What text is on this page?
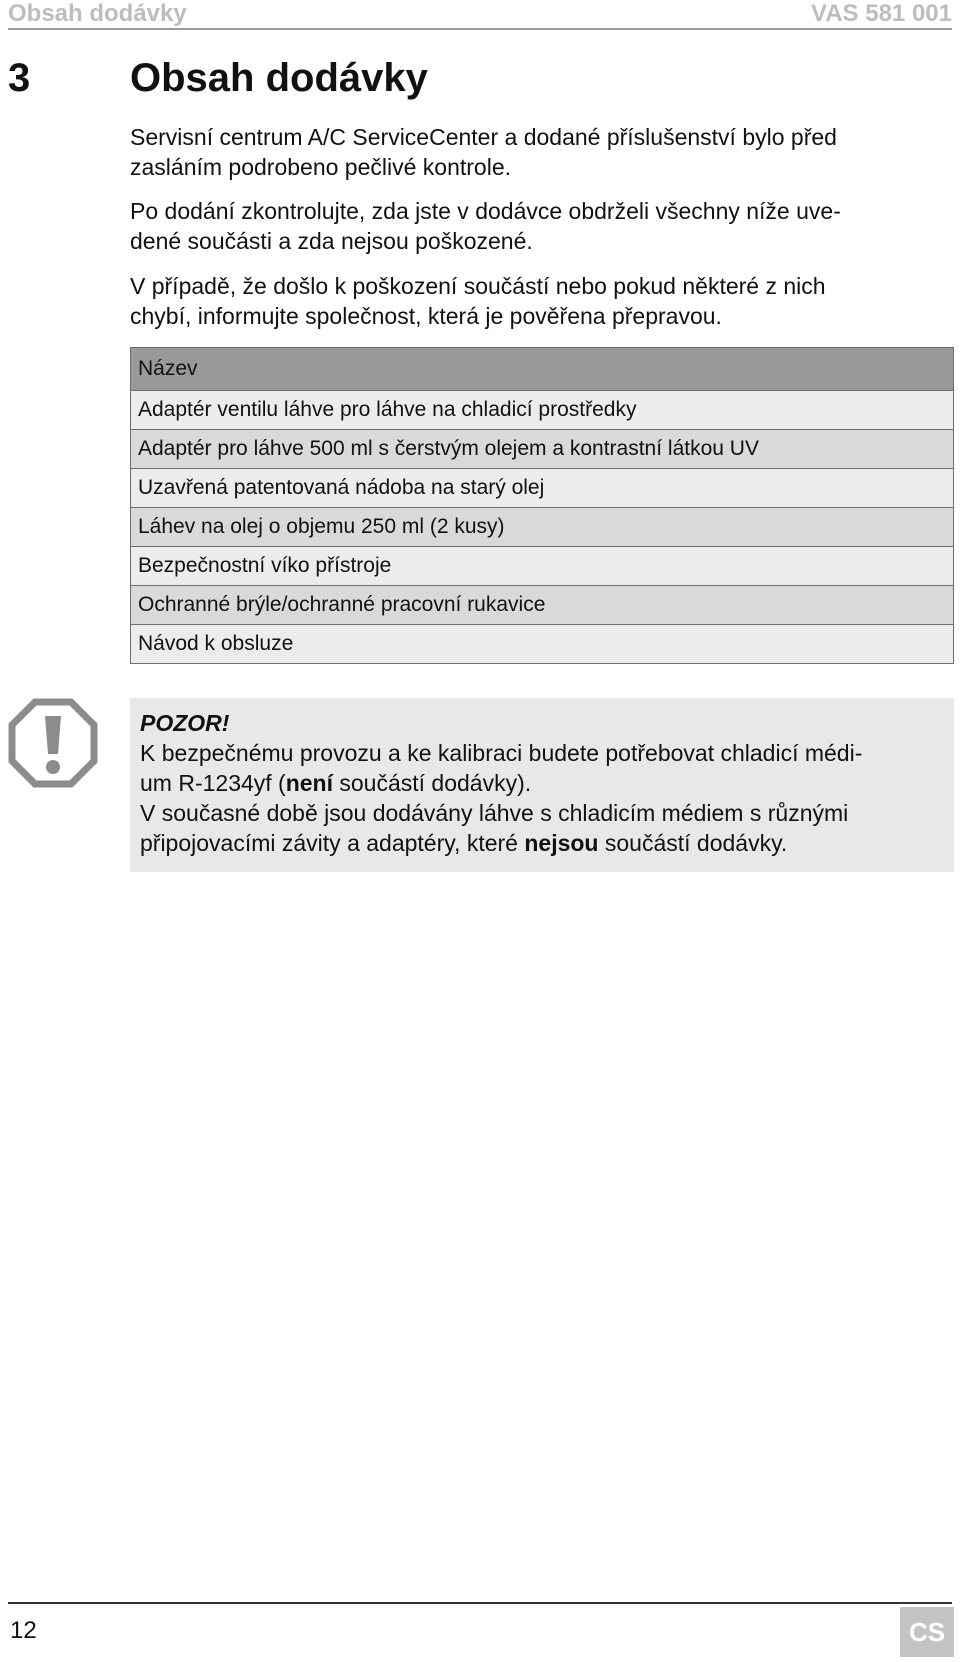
Obsah dodávky	VAS 581 001
3 Obsah dodávky
Servisní centrum A/C ServiceCenter a dodané příslušenství bylo před
zasláním podrobeno pečlivé kontrole.
Po dodání zkontrolujte, zda jste v dodávce obdrželi všechny níže uve-
dené součásti a zda nejsou poškozené.
V případě, že došlo k poškození součástí nebo pokud některé z nich
chybí, informujte společnost, která je pověřena přepravou.
Název
Adaptér ventilu láhve pro láhve na chladicí prostředky
Adaptér pro láhve 500 ml s čerstvým olejem a kontrastní látkou UV
Uzavřená patentovaná nádoba na starý olej
Láhev na olej o objemu 250 ml (2 kusy)
Bezpečnostní víko přístroje
Ochranné brýle/ochranné pracovní rukavice
Návod k obsluze
POZOR!
K bezpečnému provozu a ke kalibraci budete potřebovat chladicí médi-
um R-1234yf (není součástí dodávky).
V současné době jsou dodávány láhve s chladicím médiem s různými
připojovacími závity a adaptéry, které nejsou součástí dodávky.
12	CS
